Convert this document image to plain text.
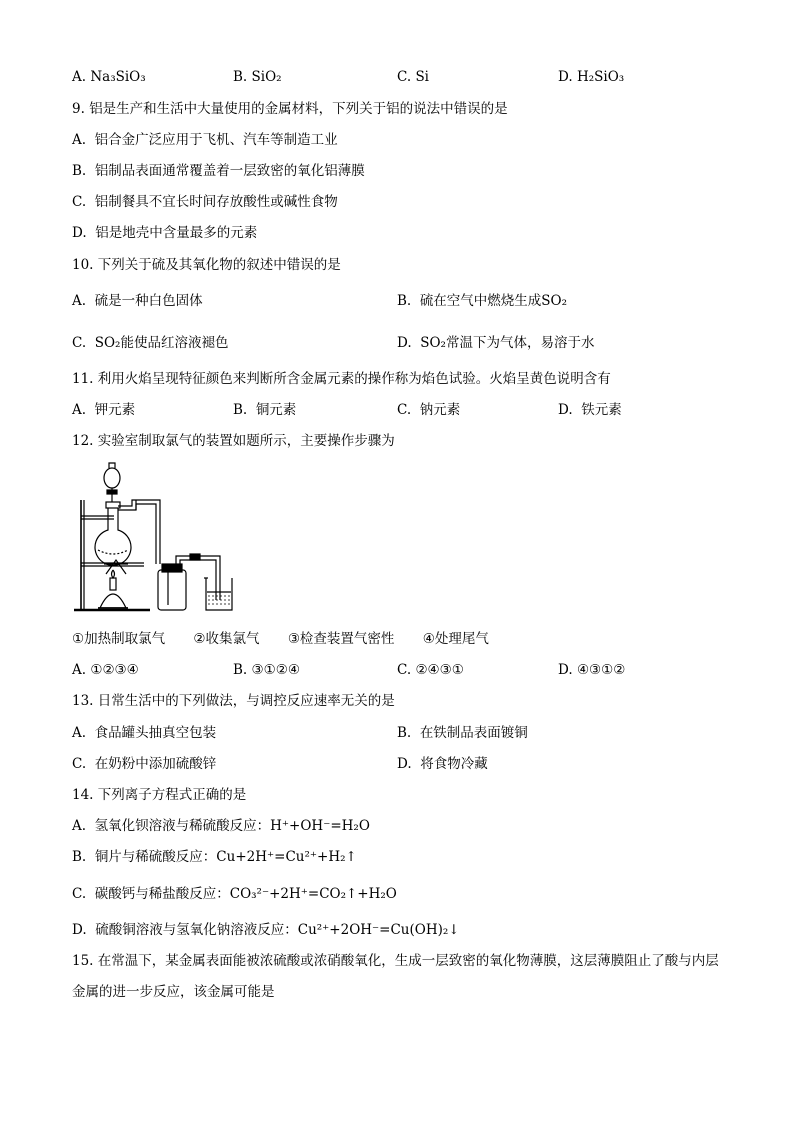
A. Na₃SiO₃	B. SiO₂	C. Si	D. H₂SiO₃
9. 铝是生产和生活中大量使用的金属材料，下列关于铝的说法中错误的是
A. 铝合金广泛应用于飞机、汽车等制造工业
B. 铝制品表面通常覆盖着一层致密的氧化铝薄膜
C. 铝制餐具不宜长时间存放酸性或碱性食物
D. 铝是地壳中含量最多的元素
10. 下列关于硫及其氧化物的叙述中错误的是
A. 硫是一种白色固体	B. 硫在空气中燃烧生成SO₂
C. SO₂能使品红溶液褪色	D. SO₂常温下为气体，易溶于水
11. 利用火焰呈现特征颜色来判断所含金属元素的操作称为焰色试验。火焰呈黄色说明含有
A. 钾元素	B. 铜元素	C. 钠元素	D. 铁元素
12. 实验室制取氯气的装置如题所示，主要操作步骤为
①加热制取氯气 ②收集氯气 ③检查装置气密性 ④处理尾气
A. ①②③④	B. ③①②④	C. ②④③①	D. ④③①②
13. 日常生活中的下列做法，与调控反应速率无关的是
A. 食品罐头抽真空包装	B. 在铁制品表面镀铜
C. 在奶粉中添加硫酸锌	D. 将食物冷藏
14. 下列离子方程式正确的是
A. 氢氧化钡溶液与稀硫酸反应：H⁺+OH⁻=H₂O
B. 铜片与稀硫酸反应：Cu+2H⁺=Cu²⁺+H₂↑
C. 碳酸钙与稀盐酸反应：CO₃²⁻+2H⁺=CO₂↑+H₂O
D. 硫酸铜溶液与氢氧化钠溶液反应：Cu²⁺+2OH⁻=Cu(OH)₂↓
15. 在常温下，某金属表面能被浓硫酸或浓硝酸氧化，生成一层致密的氧化物薄膜，这层薄膜阻止了酸与内层金属的进一步反应，该金属可能是
